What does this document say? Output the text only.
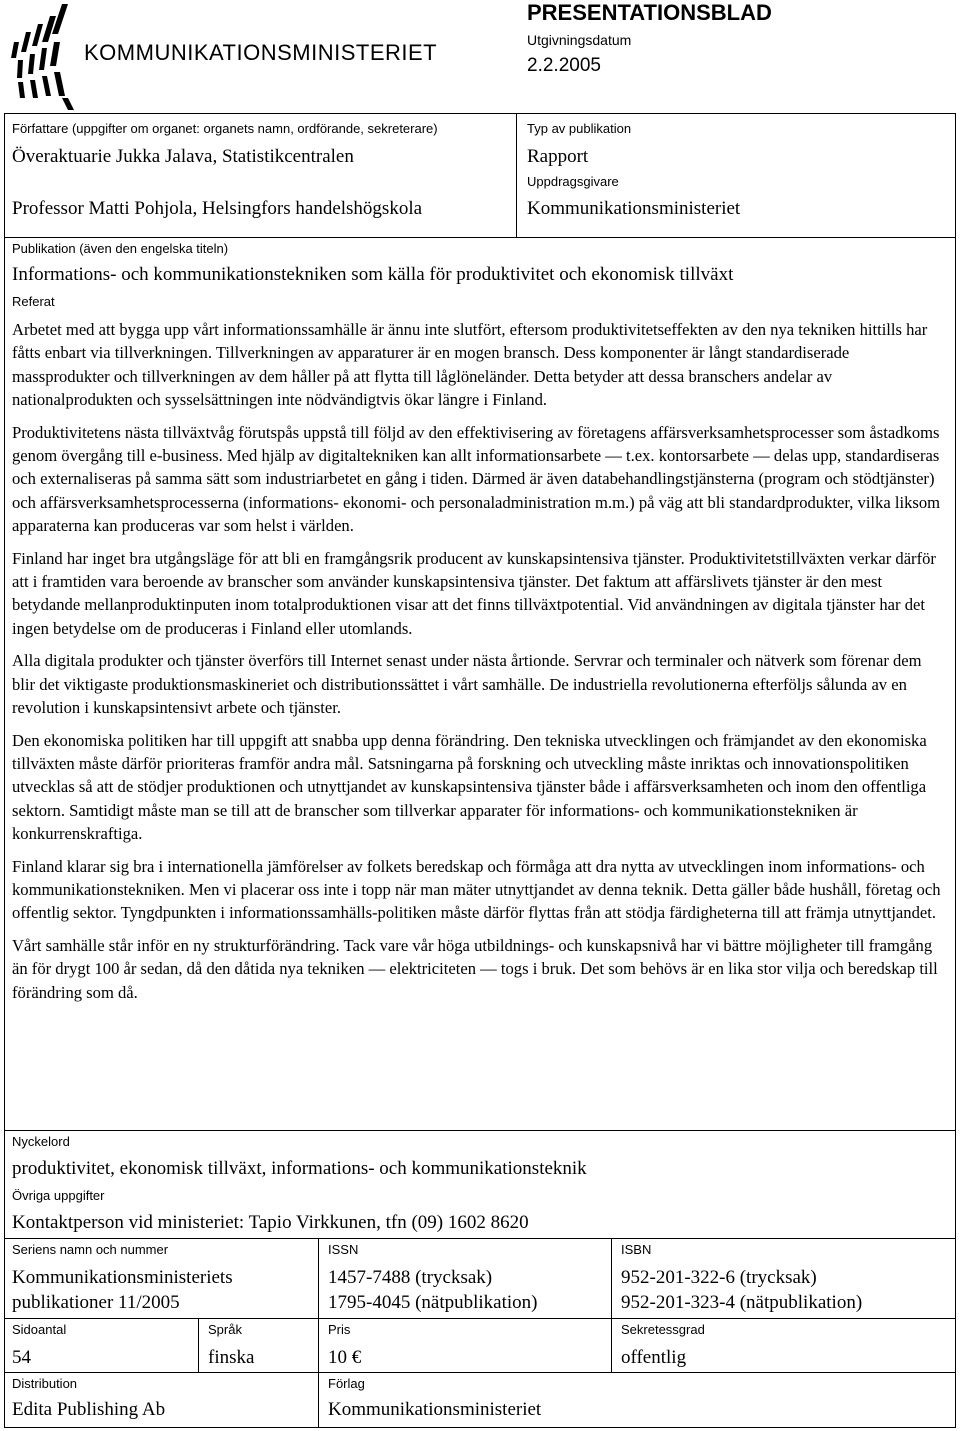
KOMMUNIKATIONSMINISTERIET
PRESENTATIONSBLAD
Utgivningsdatum
2.2.2005
Författare (uppgifter om organet: organets namn, ordförande, sekreterare)
Överaktuarie Jukka Jalava, Statistikcentralen
Professor Matti Pohjola, Helsingfors handelshögskola
Typ av publikation
Rapport
Uppdragsgivare
Kommunikationsministeriet
Publikation (även den engelska titeln)
Informations- och kommunikationstekniken som källa för produktivitet och ekonomisk tillväxt
Referat

Arbetet med att bygga upp vårt informationssamhälle är ännu inte slutfört, eftersom produktivitetseffekten av den nya tekniken hittills har fåtts enbart via tillverkningen. Tillverkningen av apparaturer är en mogen bransch. Dess komponenter är långt standardiserade massprodukter och tillverkningen av dem håller på att flytta till låglöneländer. Detta betyder att dessa branschers andelar av nationalprodukten och sysselsättningen inte nödvändigtvis ökar längre i Finland.

Produktivitetens nästa tillväxtvåg förutspås uppstå till följd av den effektivisering av företagens affärsverksamhetsprocesser som åstadkoms genom övergång till e-business. Med hjälp av digitaltekniken kan allt informationsarbete — t.ex. kontorsarbete — delas upp, standardiseras och externaliseras på samma sätt som industriarbetet en gång i tiden. Därmed är även databehandlingstjänsterna (program och stödtjänster) och affärsverksamhetsprocesserna (informations- ekonomi- och personaladministration m.m.) på väg att bli standardprodukter, vilka liksom apparaterna kan produceras var som helst i världen.

Finland har inget bra utgångsläge för att bli en framgångsrik producent av kunskapsintensiva tjänster. Produktivitetstillväxten verkar därför att i framtiden vara beroende av branscher som använder kunskapsintensiva tjänster. Det faktum att affärslivets tjänster är den mest betydande mellanproduktinputen inom totalproduktionen visar att det finns tillväxtpotential. Vid användningen av digitala tjänster har det ingen betydelse om de produceras i Finland eller utomlands.

Alla digitala produkter och tjänster överförs till Internet senast under nästa årtionde. Servrar och terminaler och nätverk som förenar dem blir det viktigaste produktionsmaskineriet och distributionssättet i vårt samhälle. De industriella revolutionerna efterföljs sålunda av en revolution i kunskapsintensivt arbete och tjänster.

Den ekonomiska politiken har till uppgift att snabba upp denna förändring. Den tekniska utvecklingen och främjandet av den ekonomiska tillväxten måste därför prioriteras framför andra mål. Satsningarna på forskning och utveckling måste inriktas och innovationspolitiken utvecklas så att de stödjer produktionen och utnyttjandet av kunskapsintensiva tjänster både i affärsverksamheten och inom den offentliga sektorn. Samtidigt måste man se till att de branscher som tillverkar apparater för informations- och kommunikationstekniken är konkurrenskraftiga.

Finland klarar sig bra i internationella jämförelser av folkets beredskap och förmåga att dra nytta av utvecklingen inom informations- och kommunikationstekniken. Men vi placerar oss inte i topp när man mäter utnyttjandet av denna teknik. Detta gäller både hushåll, företag och offentlig sektor. Tyngdpunkten i informationssamhälls-politiken måste därför flyttas från att stödja färdigheterna till att främja utnyttjandet.

Vårt samhälle står inför en ny strukturförändring. Tack vare vår höga utbildnings- och kunskapsnivå har vi bättre möjligheter till framgång än för drygt 100 år sedan, då den dåtida nya tekniken — elektriciteten — togs i bruk. Det som behövs är en lika stor vilja och beredskap till förändring som då.

Nyckelord
produktivitet, ekonomisk tillväxt, informations- och kommunikationsteknik
Övriga uppgifter
Kontaktperson vid ministeriet: Tapio Virkkunen, tfn (09) 1602 8620
Seriens namn och nummer
Kommunikationsministeriets
publikationer 11/2005
ISSN
1457-7488 (trycksak)
1795-4045 (nätpublikation)
ISBN
952-201-322-6 (trycksak)
952-201-323-4 (nätpublikation)
Sidoantal
54
Språk
finska
Pris
10 €
Sekretessgrad
offentlig
Distribution
Edita Publishing Ab
Förlag
Kommunikationsministeriet
